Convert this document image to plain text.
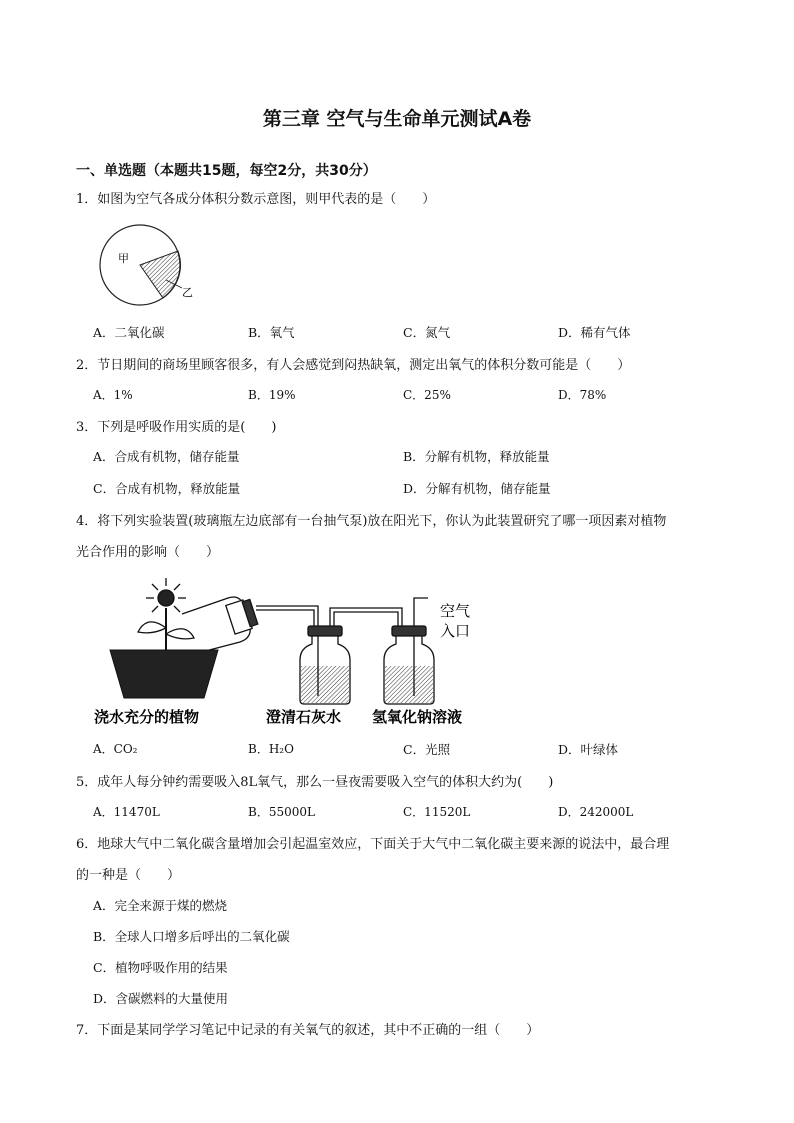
第三章 空气与生命单元测试A卷
一、单选题（本题共15题，每空2分，共30分）
1．如图为空气各成分体积分数示意图，则甲代表的是（　　）
甲
乙
A．二氧化碳	B．氧气	C．氮气	D．稀有气体
2．节日期间的商场里顾客很多，有人会感觉到闷热缺氧，测定出氧气的体积分数可能是（　　）
A．1%	B．19%	C．25%	D．78%
3．下列是呼吸作用实质的是(　　)
A．合成有机物，储存能量	B．分解有机物，释放能量
C．合成有机物，释放能量	D．分解有机物，储存能量
4．将下列实验装置(玻璃瓶左边底部有一台抽气泵)放在阳光下，你认为此装置研究了哪一项因素对植物
光合作用的影响（　　）
空气
入口
浇水充分的植物	澄清石灰水 氢氧化钠溶液
A．CO₂	B．H₂O	C．光照	D．叶绿体
5．成年人每分钟约需要吸入8L氧气，那么一昼夜需要吸入空气的体积大约为(　　)
A．11470L	B．55000L	C．11520L	D．242000L
6．地球大气中二氧化碳含量增加会引起温室效应，下面关于大气中二氧化碳主要来源的说法中，最合理
的一种是（　　）
A．完全来源于煤的燃烧
B．全球人口增多后呼出的二氧化碳
C．植物呼吸作用的结果
D．含碳燃料的大量使用
7．下面是某同学学习笔记中记录的有关氧气的叙述，其中不正确的一组（　　）
